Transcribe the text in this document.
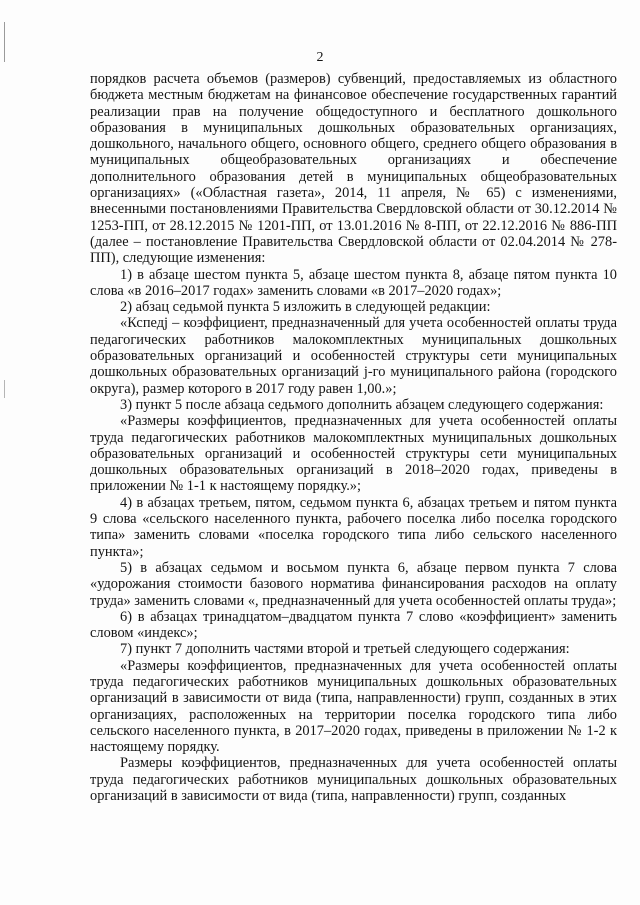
2

порядков расчета объемов (размеров) субвенций, предоставляемых из областного бюджета местным бюджетам на финансовое обеспечение государственных гарантий реализации прав на получение общедоступного и бесплатного дошкольного образования в муниципальных дошкольных образовательных организациях, дошкольного, начального общего, основного общего, среднего общего образования в муниципальных общеобразовательных организациях и обеспечение дополнительного образования детей в муниципальных общеобразовательных организациях» («Областная газета», 2014, 11 апреля, № 65) с изменениями, внесенными постановлениями Правительства Свердловской области от 30.12.2014 № 1253-ПП, от 28.12.2015 № 1201-ПП, от 13.01.2016 № 8-ПП, от 22.12.2016 № 886-ПП (далее – постановление Правительства Свердловской области от 02.04.2014 № 278-ПП), следующие изменения:

1) в абзаце шестом пункта 5, абзаце шестом пункта 8, абзаце пятом пункта 10 слова «в 2016–2017 годах» заменить словами «в 2017–2020 годах»;

2) абзац седьмой пункта 5 изложить в следующей редакции:

«Кспедj – коэффициент, предназначенный для учета особенностей оплаты труда педагогических работников малокомплектных муниципальных дошкольных образовательных организаций и особенностей структуры сети муниципальных дошкольных образовательных организаций j-го муниципального района (городского округа), размер которого в 2017 году равен 1,00.»;

3) пункт 5 после абзаца седьмого дополнить абзацем следующего содержания:

«Размеры коэффициентов, предназначенных для учета особенностей оплаты труда педагогических работников малокомплектных муниципальных дошкольных образовательных организаций и особенностей структуры сети муниципальных дошкольных образовательных организаций в 2018–2020 годах, приведены в приложении № 1-1 к настоящему порядку.»;

4) в абзацах третьем, пятом, седьмом пункта 6, абзацах третьем и пятом пункта 9 слова «сельского населенного пункта, рабочего поселка либо поселка городского типа» заменить словами «поселка городского типа либо сельского населенного пункта»;

5) в абзацах седьмом и восьмом пункта 6, абзаце первом пункта 7 слова «удорожания стоимости базового норматива финансирования расходов на оплату труда» заменить словами «, предназначенный для учета особенностей оплаты труда»;

6) в абзацах тринадцатом–двадцатом пункта 7 слово «коэффициент» заменить словом «индекс»;

7) пункт 7 дополнить частями второй и третьей следующего содержания:

«Размеры коэффициентов, предназначенных для учета особенностей оплаты труда педагогических работников муниципальных дошкольных образовательных организаций в зависимости от вида (типа, направленности) групп, созданных в этих организациях, расположенных на территории поселка городского типа либо сельского населенного пункта, в 2017–2020 годах, приведены в приложении № 1-2 к настоящему порядку.

Размеры коэффициентов, предназначенных для учета особенностей оплаты труда педагогических работников муниципальных дошкольных образовательных организаций в зависимости от вида (типа, направленности) групп, созданных
